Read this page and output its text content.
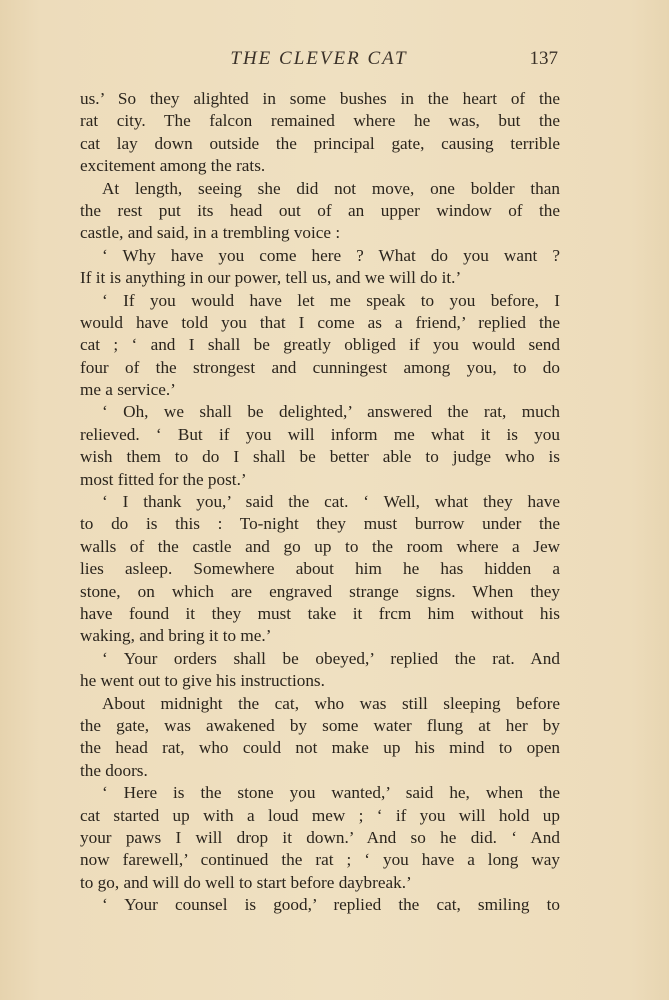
THE CLEVER CAT	137
us.’ So they alighted in some bushes in the heart of the
rat city. The falcon remained where he was, but the
cat lay down outside the principal gate, causing terrible
excitement among the rats.
At length, seeing she did not move, one bolder than
the rest put its head out of an upper window of the
castle, and said, in a trembling voice :
‘ Why have you come here ? What do you want ?
If it is anything in our power, tell us, and we will do it.’
‘ If you would have let me speak to you before, I
would have told you that I come as a friend,’ replied the
cat ; ‘ and I shall be greatly obliged if you would send
four of the strongest and cunningest among you, to do
me a service.’
‘ Oh, we shall be delighted,’ answered the rat, much
relieved. ‘ But if you will inform me what it is you
wish them to do I shall be better able to judge who is
most fitted for the post.’
‘ I thank you,’ said the cat. ‘ Well, what they have
to do is this : To-night they must burrow under the
walls of the castle and go up to the room where a Jew
lies asleep. Somewhere about him he has hidden a
stone, on which are engraved strange signs. When they
have found it they must take it frcm him without his
waking, and bring it to me.’
‘ Your orders shall be obeyed,’ replied the rat. And
he went out to give his instructions.
About midnight the cat, who was still sleeping before
the gate, was awakened by some water flung at her by
the head rat, who could not make up his mind to open
the doors.
‘ Here is the stone you wanted,’ said he, when the
cat started up with a loud mew ; ‘ if you will hold up
your paws I will drop it down.’ And so he did. ‘ And
now farewell,’ continued the rat ; ‘ you have a long way
to go, and will do well to start before daybreak.’
‘ Your counsel is good,’ replied the cat, smiling to
